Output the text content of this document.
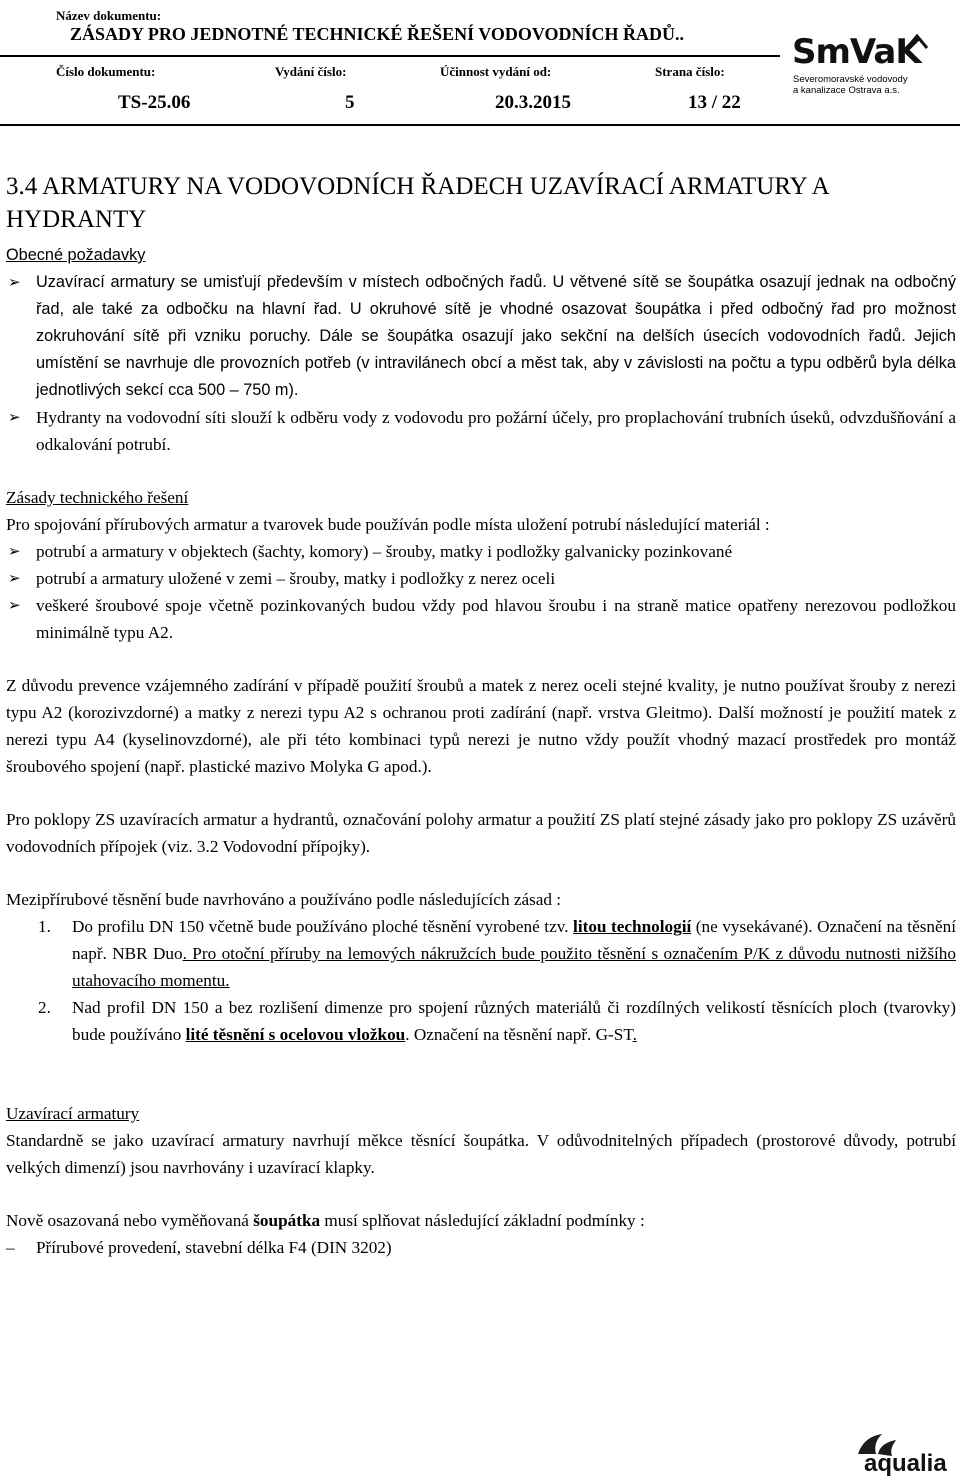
Název dokumentu:
ZÁSADY PRO JEDNOTNÉ TECHNICKÉ ŘEŠENÍ VODOVODNÍCH ŘADŮ..
Číslo dokumentu:	Vydání číslo:	Účinnost vydání od:	Strana číslo:
TS-25.06	5	20.3.2015	13 / 22
SmVaK
Severomoravské vodovody
a kanalizace Ostrava a.s.
3.4 ARMATURY NA VODOVODNÍCH ŘADECH UZAVÍRACÍ ARMATURY A HYDRANTY
Obecné požadavky
➢ Uzavírací armatury se umisťují především v místech odbočných řadů. U větvené sítě se šoupátka osazují jednak na odbočný řad, ale také za odbočku na hlavní řad. U okruhové sítě je vhodné osazovat šoupátka i před odbočný řad pro možnost zokruhování sítě při vzniku poruchy. Dále se šoupátka osazují jako sekční na delších úsecích vodovodních řadů. Jejich umístění se navrhuje dle provozních potřeb (v intravilánech obcí a měst tak, aby v závislosti na počtu a typu odběrů byla délka jednotlivých sekcí cca 500 – 750 m).
➢ Hydranty na vodovodní síti slouží k odběru vody z vodovodu pro požární účely, pro proplachování trubních úseků, odvzdušňování a odkalování potrubí.
Zásady technického řešení
Pro spojování přírubových armatur a tvarovek bude používán podle místa uložení potrubí následující materiál :
➢ potrubí a armatury v objektech (šachty, komory) – šrouby, matky i podložky galvanicky pozinkované
➢ potrubí a armatury uložené v zemi – šrouby, matky i podložky z nerez oceli
➢ veškeré šroubové spoje včetně pozinkovaných budou vždy pod hlavou šroubu i na straně matice opatřeny nerezovou podložkou minimálně typu A2.
Z důvodu prevence vzájemného zadírání v případě použití šroubů a matek z nerez oceli stejné kvality, je nutno používat šrouby z nerezi typu A2 (korozivzdorné) a matky z nerezi typu A2 s ochranou proti zadírání (např. vrstva Gleitmo). Další možností je použití matek z nerezi typu A4 (kyselinovzdorné), ale při této kombinaci typů nerezi je nutno vždy použít vhodný mazací prostředek pro montáž šroubového spojení (např. plastické mazivo Molyka G apod.).
Pro poklopy ZS uzavíracích armatur a hydrantů, označování polohy armatur a použití ZS platí stejné zásady jako pro poklopy ZS uzávěrů vodovodních přípojek (viz. 3.2 Vodovodní přípojky).
Mezipřírubové těsnění bude navrhováno a používáno podle následujících zásad :
1. Do profilu DN 150 včetně bude používáno ploché těsnění vyrobené tzv. litou technologií (ne vysekávané). Označení na těsnění např. NBR Duo. Pro otoční příruby na lemových nákružcích bude použito těsnění s označením P/K z důvodu nutnosti nižšího utahovacího momentu.
2. Nad profil DN 150 a bez rozlišení dimenze pro spojení různých materiálů či rozdílných velikostí těsnících ploch (tvarovky) bude používáno lité těsnění s ocelovou vložkou. Označení na těsnění např. G-ST.
Uzavírací armatury
Standardně se jako uzavírací armatury navrhují měkce těsnící šoupátka. V odůvodnitelných případech (prostorové důvody, potrubí velkých dimenzí) jsou navrhovány i uzavírací klapky.
Nově osazovaná nebo vyměňovaná šoupátka musí splňovat následující základní podmínky :
– Přírubové provedení, stavební délka F4 (DIN 3202)
aqualia
